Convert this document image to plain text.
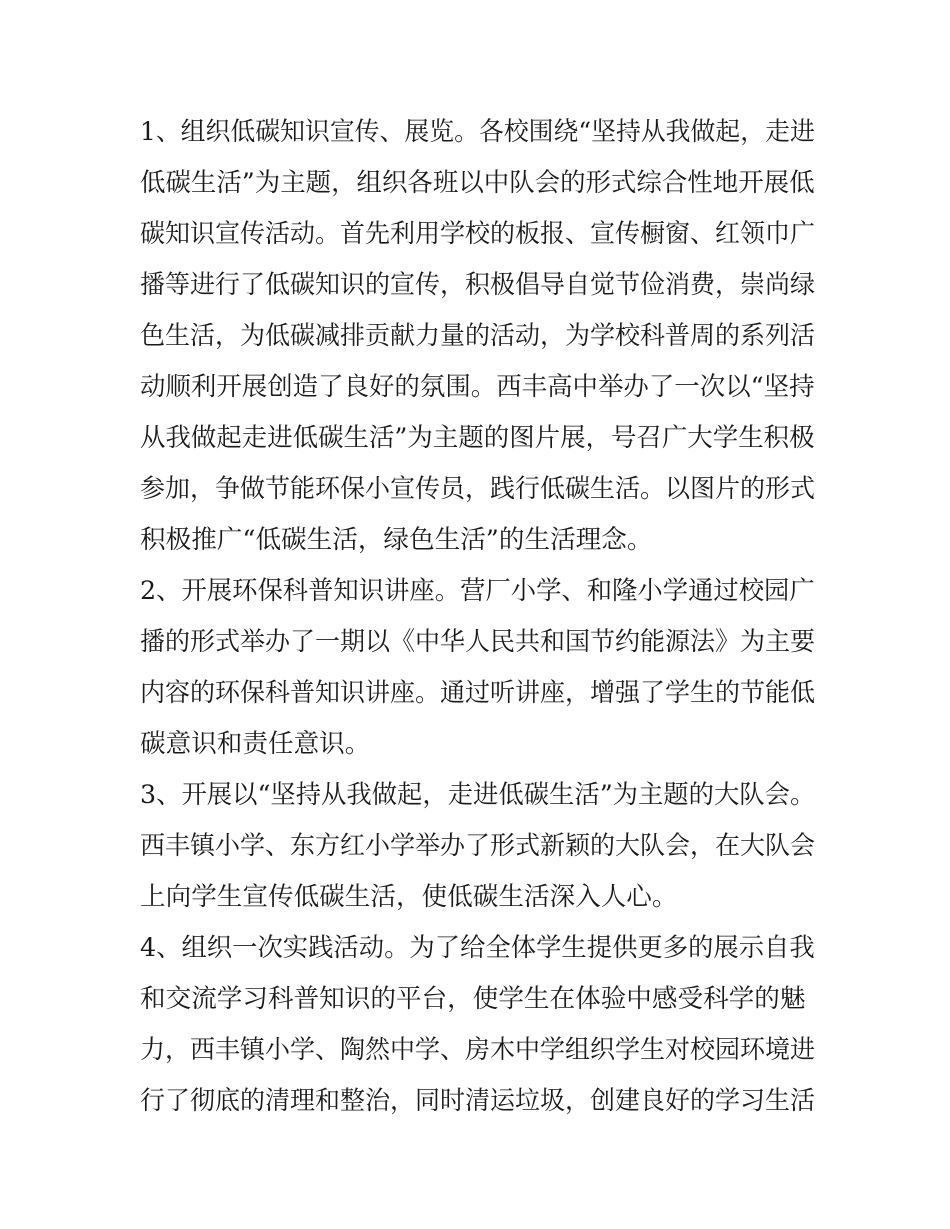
1、组织低碳知识宣传、展览。各校围绕“坚持从我做起，走进
低碳生活”为主题，组织各班以中队会的形式综合性地开展低
碳知识宣传活动。首先利用学校的板报、宣传橱窗、红领巾广
播等进行了低碳知识的宣传，积极倡导自觉节俭消费，崇尚绿
色生活，为低碳减排贡献力量的活动，为学校科普周的系列活
动顺利开展创造了良好的氛围。西丰高中举办了一次以“坚持
从我做起走进低碳生活”为主题的图片展，号召广大学生积极
参加，争做节能环保小宣传员，践行低碳生活。以图片的形式
积极推广“低碳生活，绿色生活”的生活理念。
2、开展环保科普知识讲座。营厂小学、和隆小学通过校园广
播的形式举办了一期以《中华人民共和国节约能源法》为主要
内容的环保科普知识讲座。通过听讲座，增强了学生的节能低
碳意识和责任意识。
3、开展以“坚持从我做起，走进低碳生活”为主题的大队会。
西丰镇小学、东方红小学举办了形式新颖的大队会，在大队会
上向学生宣传低碳生活，使低碳生活深入人心。
4、组织一次实践活动。为了给全体学生提供更多的展示自我
和交流学习科普知识的平台，使学生在体验中感受科学的魅
力，西丰镇小学、陶然中学、房木中学组织学生对校园环境进
行了彻底的清理和整治，同时清运垃圾，创建良好的学习生活
